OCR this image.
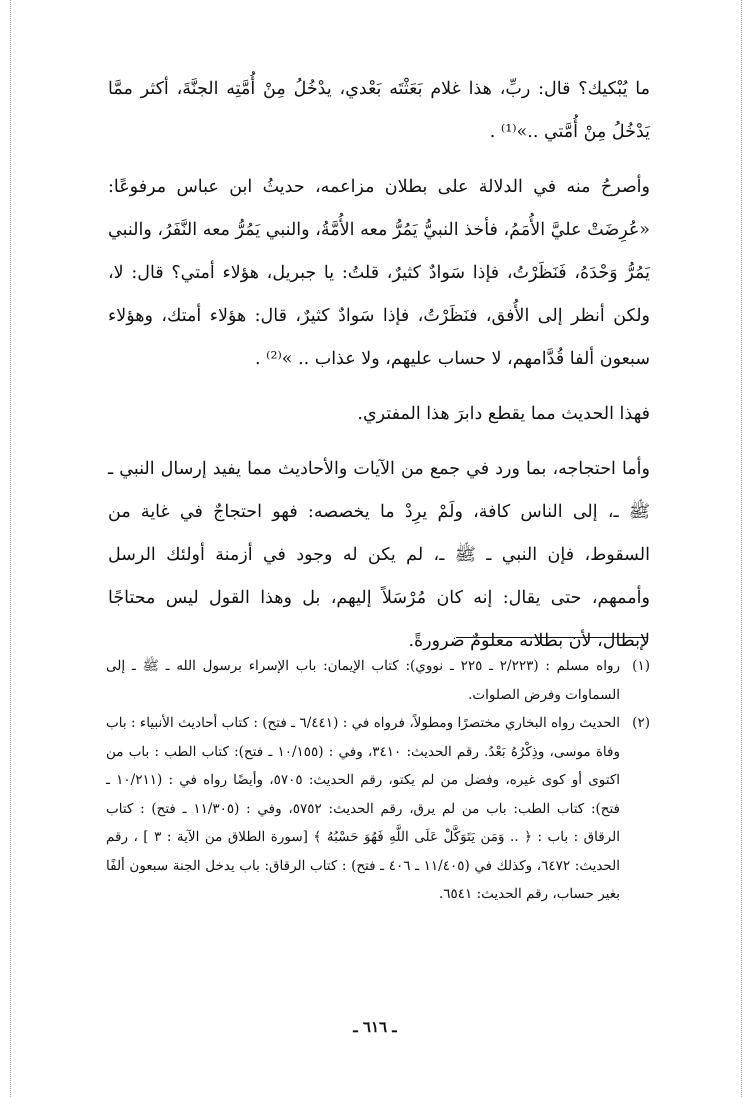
ما يُبْكيك؟ قال: ربِّ، هذا غلام بَعَثْتَه بَعْدي، يدْخُلُ مِنْ أُمَّتِه الجنَّةَ، أكثر ممَّا يَدْخُلُ مِنْ أُمَّتي ..»⁽¹⁾ .

وأصرحُ منه في الدلالة على بطلان مزاعمه، حديثُ ابن عباس مرفوعًا: «عُرِضَتْ عليَّ الأُمَمُ، فأخذ النبيُّ يَمُرُّ معه الأُمَّةُ، والنبي يَمُرُّ معه النَّفَرُ، والنبي يَمُرُّ وَحْدَهُ، فَنَظَرْتُ، فإذا سَوادٌ كثيرٌ، قلتُ: يا جبريل، هؤلاء أمتي؟ قال: لا، ولكن أنظر إلى الأُفق، فنَظَرْتُ، فإذا سَوادٌ كثيرٌ، قال: هؤلاء أمتك، وهؤلاء سبعون ألفا قُدَّامهم، لا حساب عليهم، ولا عذاب .. »⁽²⁾ .

فهذا الحديث مما يقطع دابرَ هذا المفتري.

وأما احتجاجه، بما ورد في جمع من الآيات والأحاديث مما يفيد إرسال النبي ـ ﷺ ـ، إلى الناس كافة، ولَمْ يرِدْ ما يخصصه: فهو احتجاجٌ في غاية من السقوط، فإن النبي ـ ﷺ ـ، لم يكن له وجود في أزمنة أولئك الرسل وأممهم، حتى يقال: إنه كان مُرْسَلاً إليهم، بل وهذا القول ليس محتاجًا لإبطال، لأن بطلانه معلومٌ ضرورةً.

(١)
رواه مسلم : (٢/٢٢٣ ـ ٢٢٥ ـ نووي): كتاب الإيمان: باب الإسراء برسول الله ـ ﷺ ـ إلى السماوات وفرض الصلوات.
(٢)
الحديث رواه البخاري مختصرًا ومطولاً، فرواه في : (٦/٤٤١ ـ فتح) : كتاب أحاديث الأنبياء : باب وفاة موسى، وذِكْرُهُ بَعْدُ. رقم الحديث: ٣٤١٠، وفي : (١٠/١٥٥ ـ فتح): كتاب الطب : باب من اكتوى أو كوى غيره، وفضل من لم يكتو، رقم الحديث: ٥٧٠٥، وأيضًا رواه في : (١٠/٢١١ ـ فتح): كتاب الطب: باب من لم يرق، رقم الحديث: ٥٧٥٢، وفي : (١١/٣٠٥ ـ فتح) : كتاب الرقاق : باب : ﴿ .. وَمَن يَتَوَكَّلْ عَلَى اللَّهِ فَهُوَ حَسْبُهُ ﴾ [سورة الطلاق من الآية : ٣ ] ، رقم الحديث: ٦٤٧٢، وكذلك في (١١/٤٠٥ ـ ٤٠٦ ـ فتح) : كتاب الرقاق: باب يدخل الجنة سبعون ألفًا بغير حساب، رقم الحديث: ٦٥٤١.
ـ ٦١٦ ـ
